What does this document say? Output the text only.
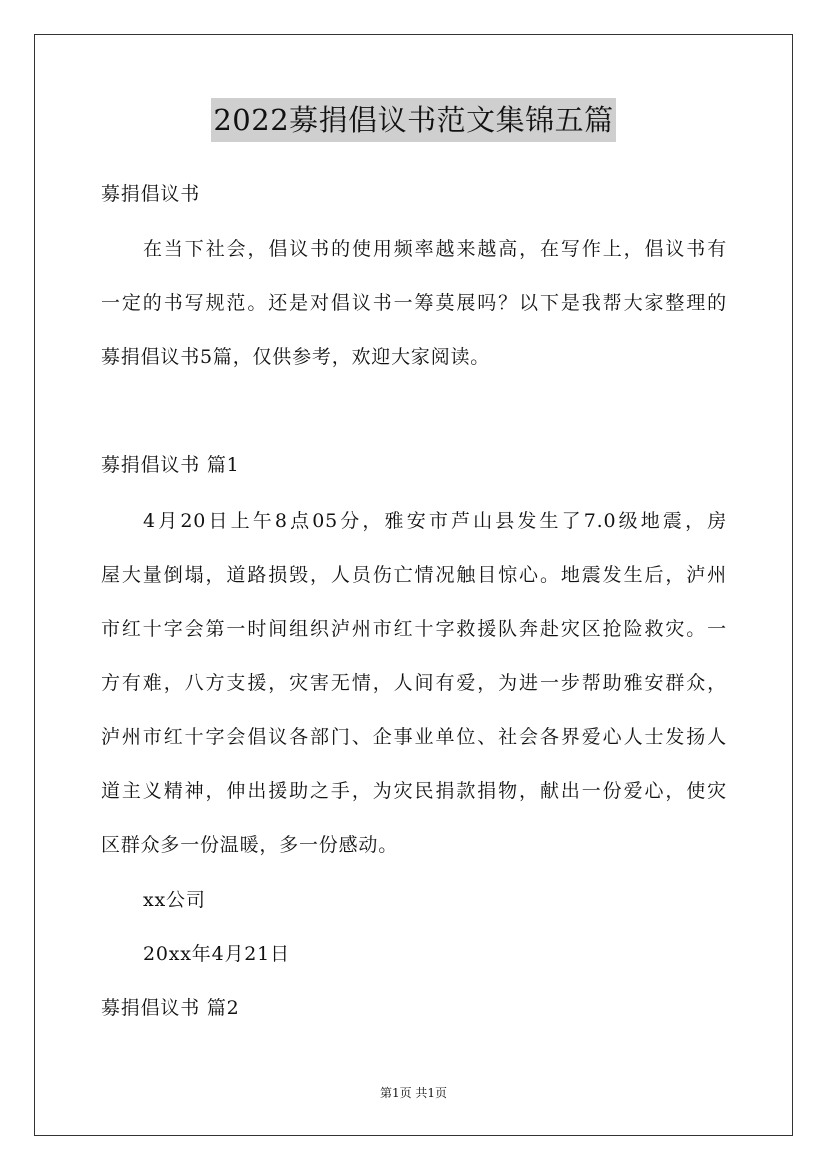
2022募捐倡议书范文集锦五篇
募捐倡议书
在当下社会，倡议书的使用频率越来越高，在写作上，倡议书有
一定的书写规范。还是对倡议书一筹莫展吗？以下是我帮大家整理的
募捐倡议书5篇，仅供参考，欢迎大家阅读。
募捐倡议书 篇1
4月20日上午8点05分，雅安市芦山县发生了7.0级地震，房
屋大量倒塌，道路损毁，人员伤亡情况触目惊心。地震发生后，泸州
市红十字会第一时间组织泸州市红十字救援队奔赴灾区抢险救灾。一
方有难，八方支援，灾害无情，人间有爱，为进一步帮助雅安群众，
泸州市红十字会倡议各部门、企事业单位、社会各界爱心人士发扬人
道主义精神，伸出援助之手，为灾民捐款捐物，献出一份爱心，使灾
区群众多一份温暖，多一份感动。
xx公司
20xx年4月21日
募捐倡议书 篇2
第1页 共1页
